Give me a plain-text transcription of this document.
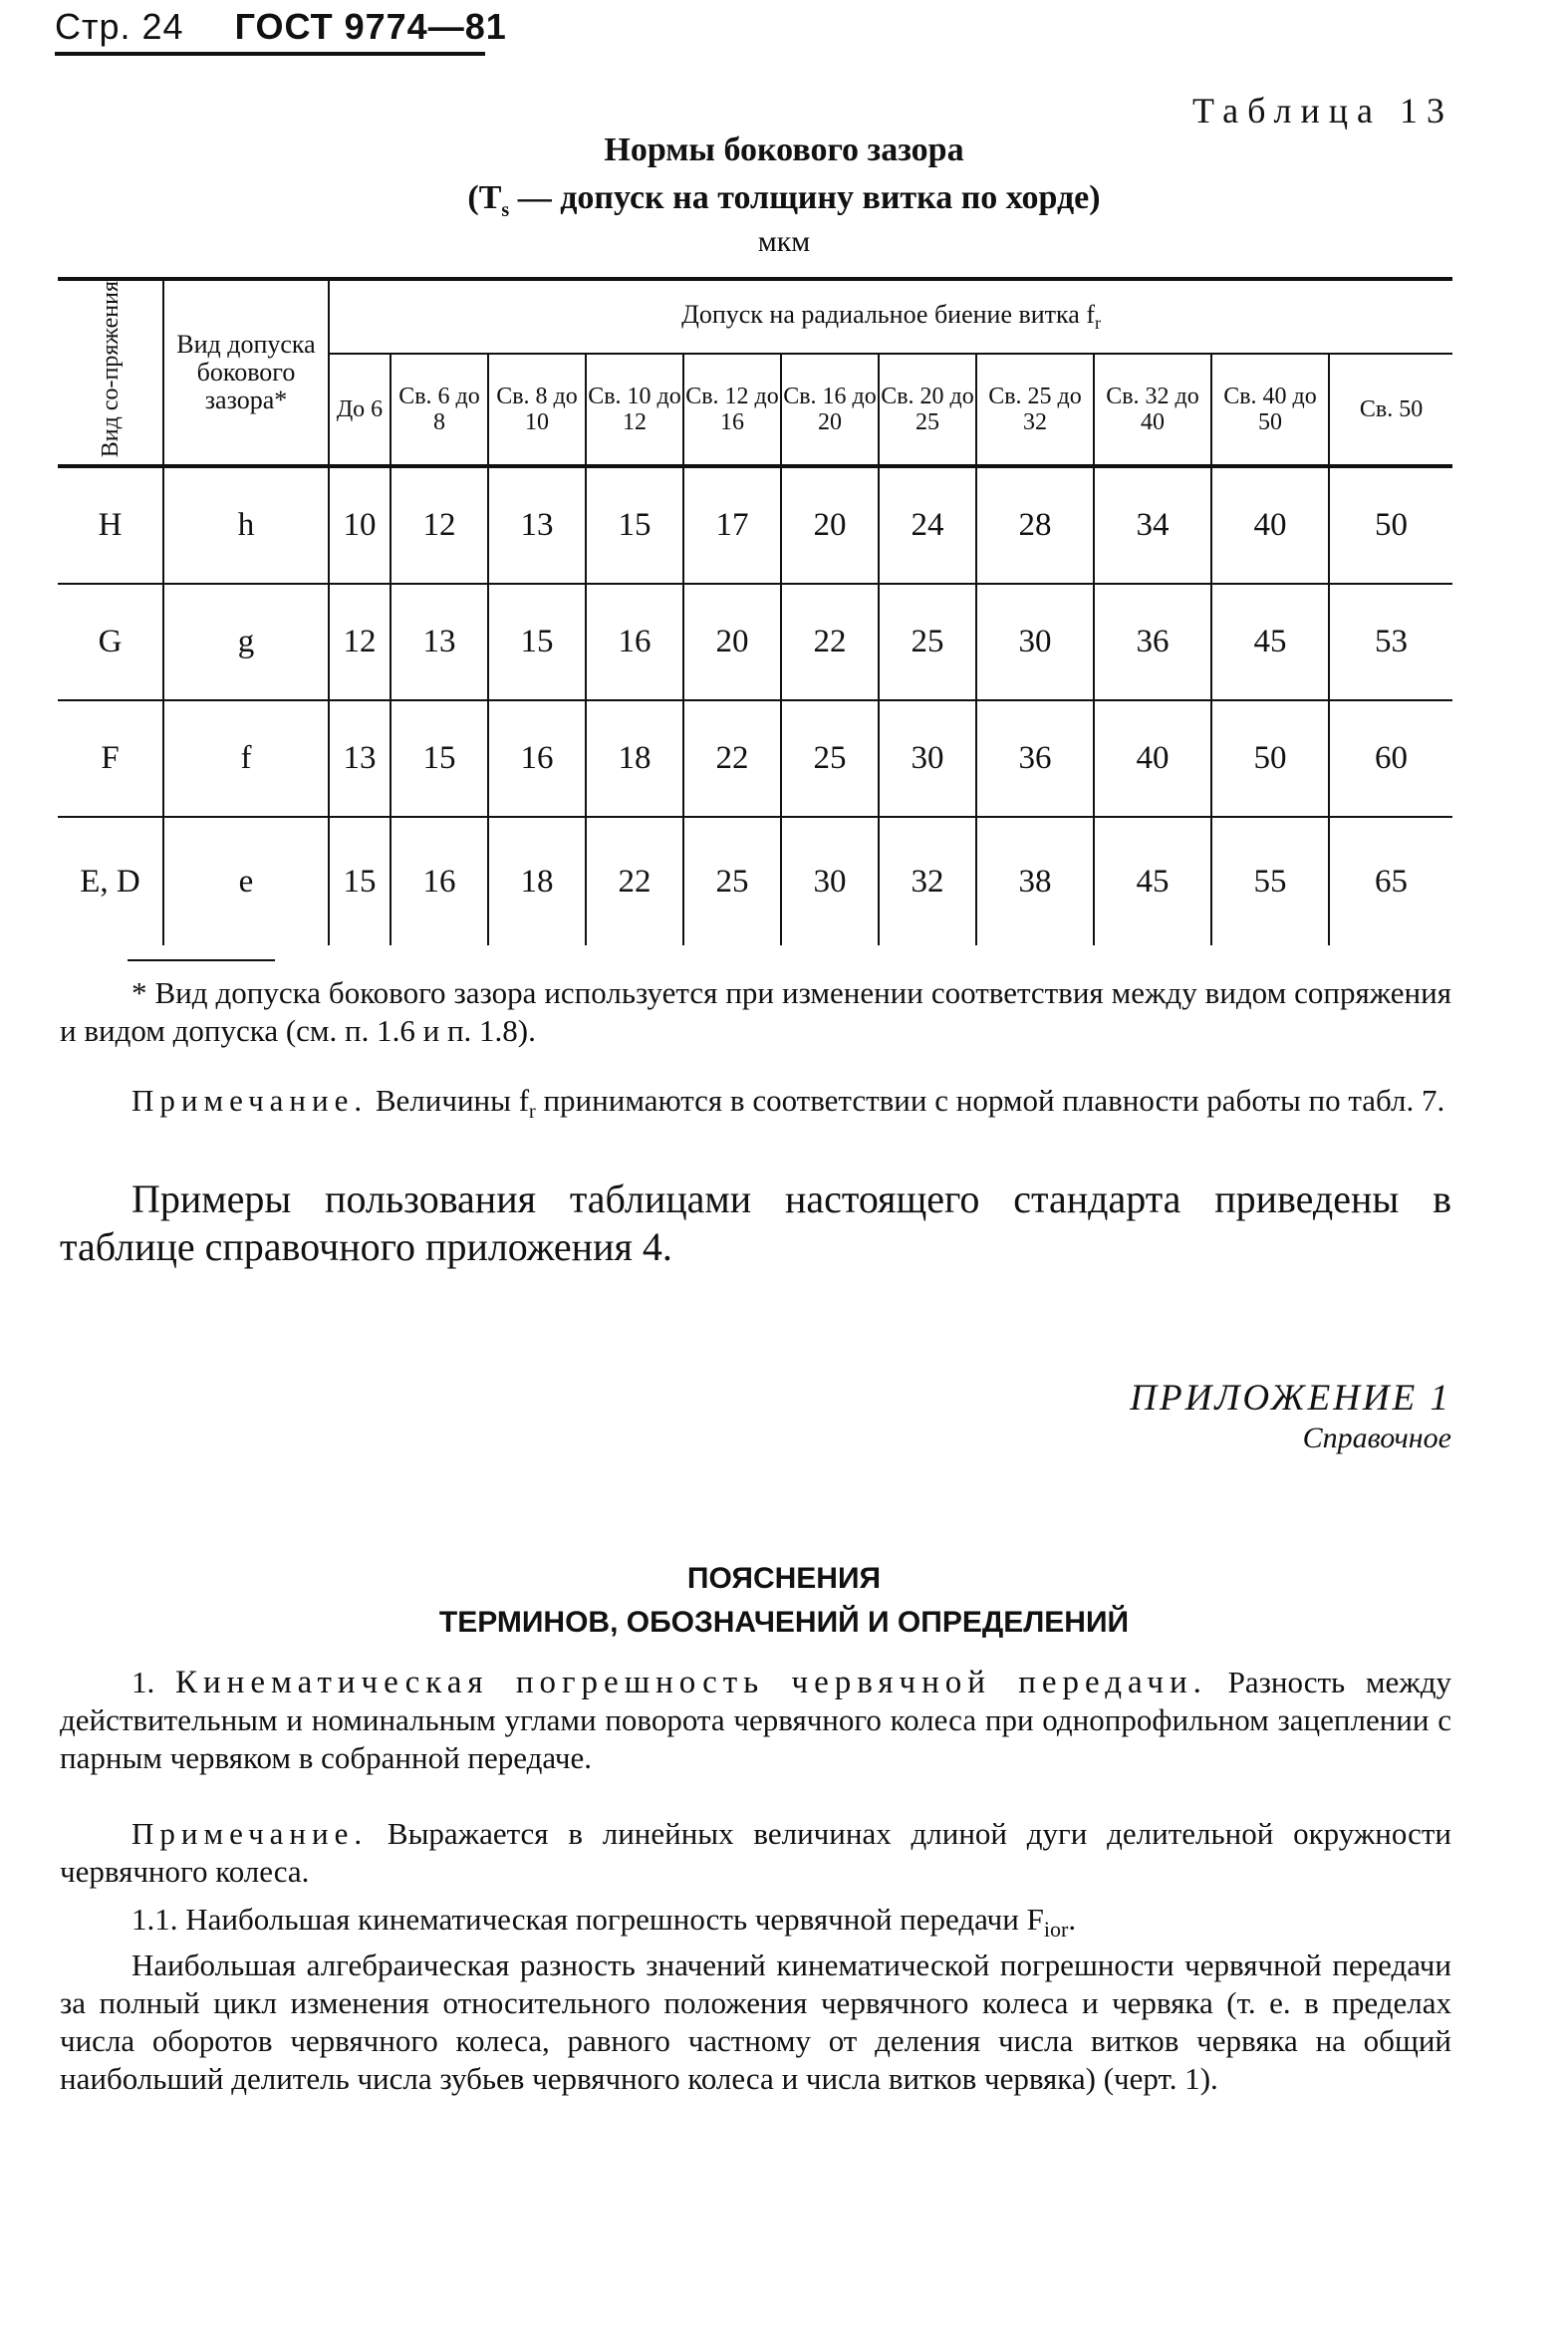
Стр. 24 ГОСТ 9774—81
Таблица 13
Нормы бокового зазора
($T_s$ — допуск на толщину витка по хорде)
мкм
Вид со-пряжения	Вид допуска бокового зазора*	Допуск на радиальное биение витка $f_r$
		До 6	Св. 6 до 8	Св. 8 до 10	Св. 10 до 12	Св. 12 до 16	Св. 16 до 20	Св. 20 до 25	Св. 25 до 32	Св. 32 до 40	Св. 40 до 50	Св. 50
H	h	10	12	13	15	17	20	24	28	34	40	50
G	g	12	13	15	16	20	22	25	30	36	45	53
F	f	13	15	16	18	22	25	30	36	40	50	60
E, D	e	15	16	18	22	25	30	32	38	45	55	65
* Вид допуска бокового зазора используется при изменении соответствия между видом сопряжения и видом допуска (см. п. 1.6 и п. 1.8).
Примечание. Величины $f_r$ принимаются в соответствии с нормой плавности работы по табл. 7.
Примеры пользования таблицами настоящего стандарта приведены в таблице справочного приложения 4.
ПРИЛОЖЕНИЕ 1
Справочное
ПОЯСНЕНИЯ
ТЕРМИНОВ, ОБОЗНАЧЕНИЙ И ОПРЕДЕЛЕНИЙ
1. Кинематическая погрешность червячной передачи. Разность между действительным и номинальным углами поворота червячного колеса при однопрофильном зацеплении с парным червяком в собранной передаче.
Примечание. Выражается в линейных величинах длиной дуги делительной окружности червячного колеса.
1.1. Наибольшая кинематическая погрешность червячной передачи $F_{ior}$.
Наибольшая алгебраическая разность значений кинематической погрешности червячной передачи за полный цикл изменения относительного положения червячного колеса и червяка (т. е. в пределах числа оборотов червячного колеса, равного частному от деления числа витков червяка на общий наибольший делитель числа зубьев червячного колеса и числа витков червяка) (черт. 1).
